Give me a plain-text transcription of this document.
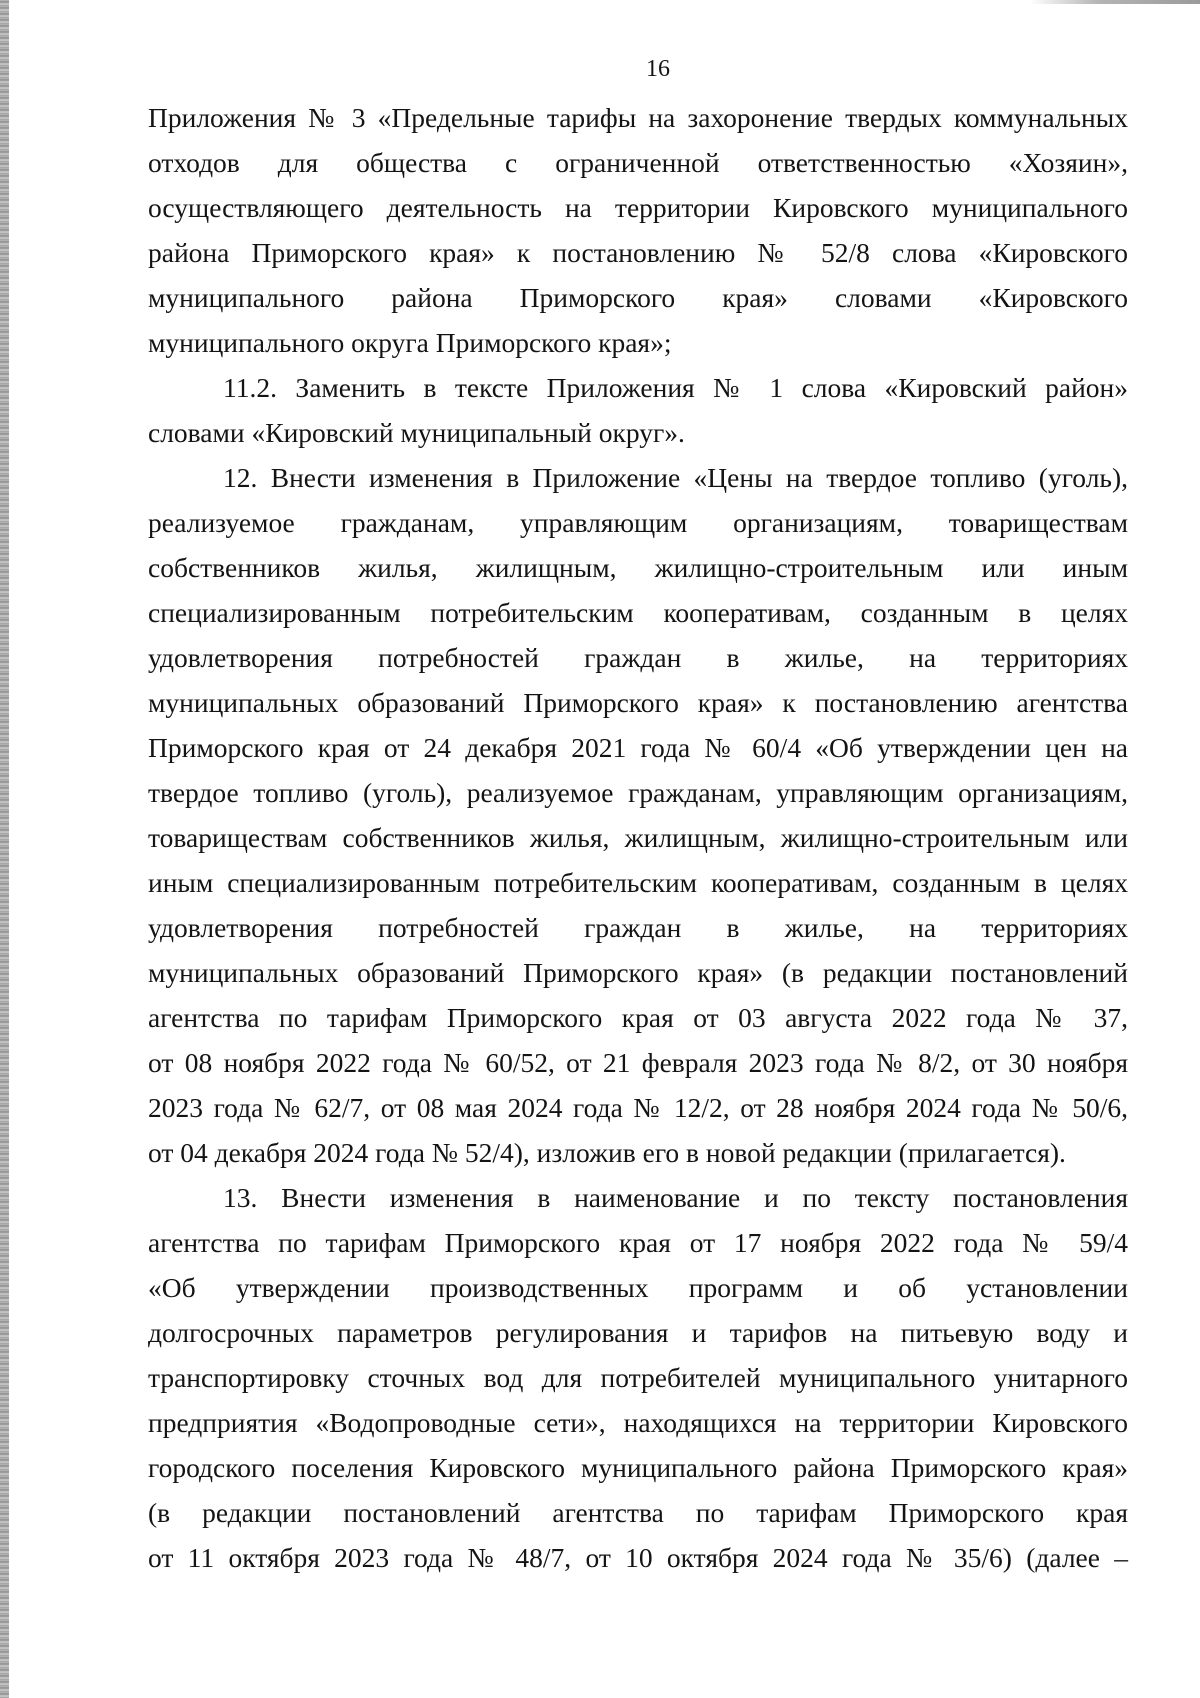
16
Приложения № 3 «Предельные тарифы на захоронение твердых коммунальных
отходов для общества с ограниченной ответственностью «Хозяин»,
осуществляющего деятельность на территории Кировского муниципального
района Приморского края» к постановлению № 52/8 слова «Кировского
муниципального района Приморского края» словами «Кировского
муниципального округа Приморского края»;
11.2. Заменить в тексте Приложения № 1 слова «Кировский район»
словами «Кировский муниципальный округ».
12. Внести изменения в Приложение «Цены на твердое топливо (уголь),
реализуемое гражданам, управляющим организациям, товариществам
собственников жилья, жилищным, жилищно-строительным или иным
специализированным потребительским кооперативам, созданным в целях
удовлетворения потребностей граждан в жилье, на территориях
муниципальных образований Приморского края» к постановлению агентства
Приморского края от 24 декабря 2021 года № 60/4 «Об утверждении цен на
твердое топливо (уголь), реализуемое гражданам, управляющим организациям,
товариществам собственников жилья, жилищным, жилищно-строительным или
иным специализированным потребительским кооперативам, созданным в целях
удовлетворения потребностей граждан в жилье, на территориях
муниципальных образований Приморского края» (в редакции постановлений
агентства по тарифам Приморского края от 03 августа 2022 года № 37,
от 08 ноября 2022 года № 60/52, от 21 февраля 2023 года № 8/2, от 30 ноября
2023 года № 62/7, от 08 мая 2024 года № 12/2, от 28 ноября 2024 года № 50/6,
от 04 декабря 2024 года № 52/4), изложив его в новой редакции (прилагается).
13. Внести изменения в наименование и по тексту постановления
агентства по тарифам Приморского края от 17 ноября 2022 года № 59/4
«Об утверждении производственных программ и об установлении
долгосрочных параметров регулирования и тарифов на питьевую воду и
транспортировку сточных вод для потребителей муниципального унитарного
предприятия «Водопроводные сети», находящихся на территории Кировского
городского поселения Кировского муниципального района Приморского края»
(в редакции постановлений агентства по тарифам Приморского края
от 11 октября 2023 года № 48/7, от 10 октября 2024 года № 35/6) (далее –
